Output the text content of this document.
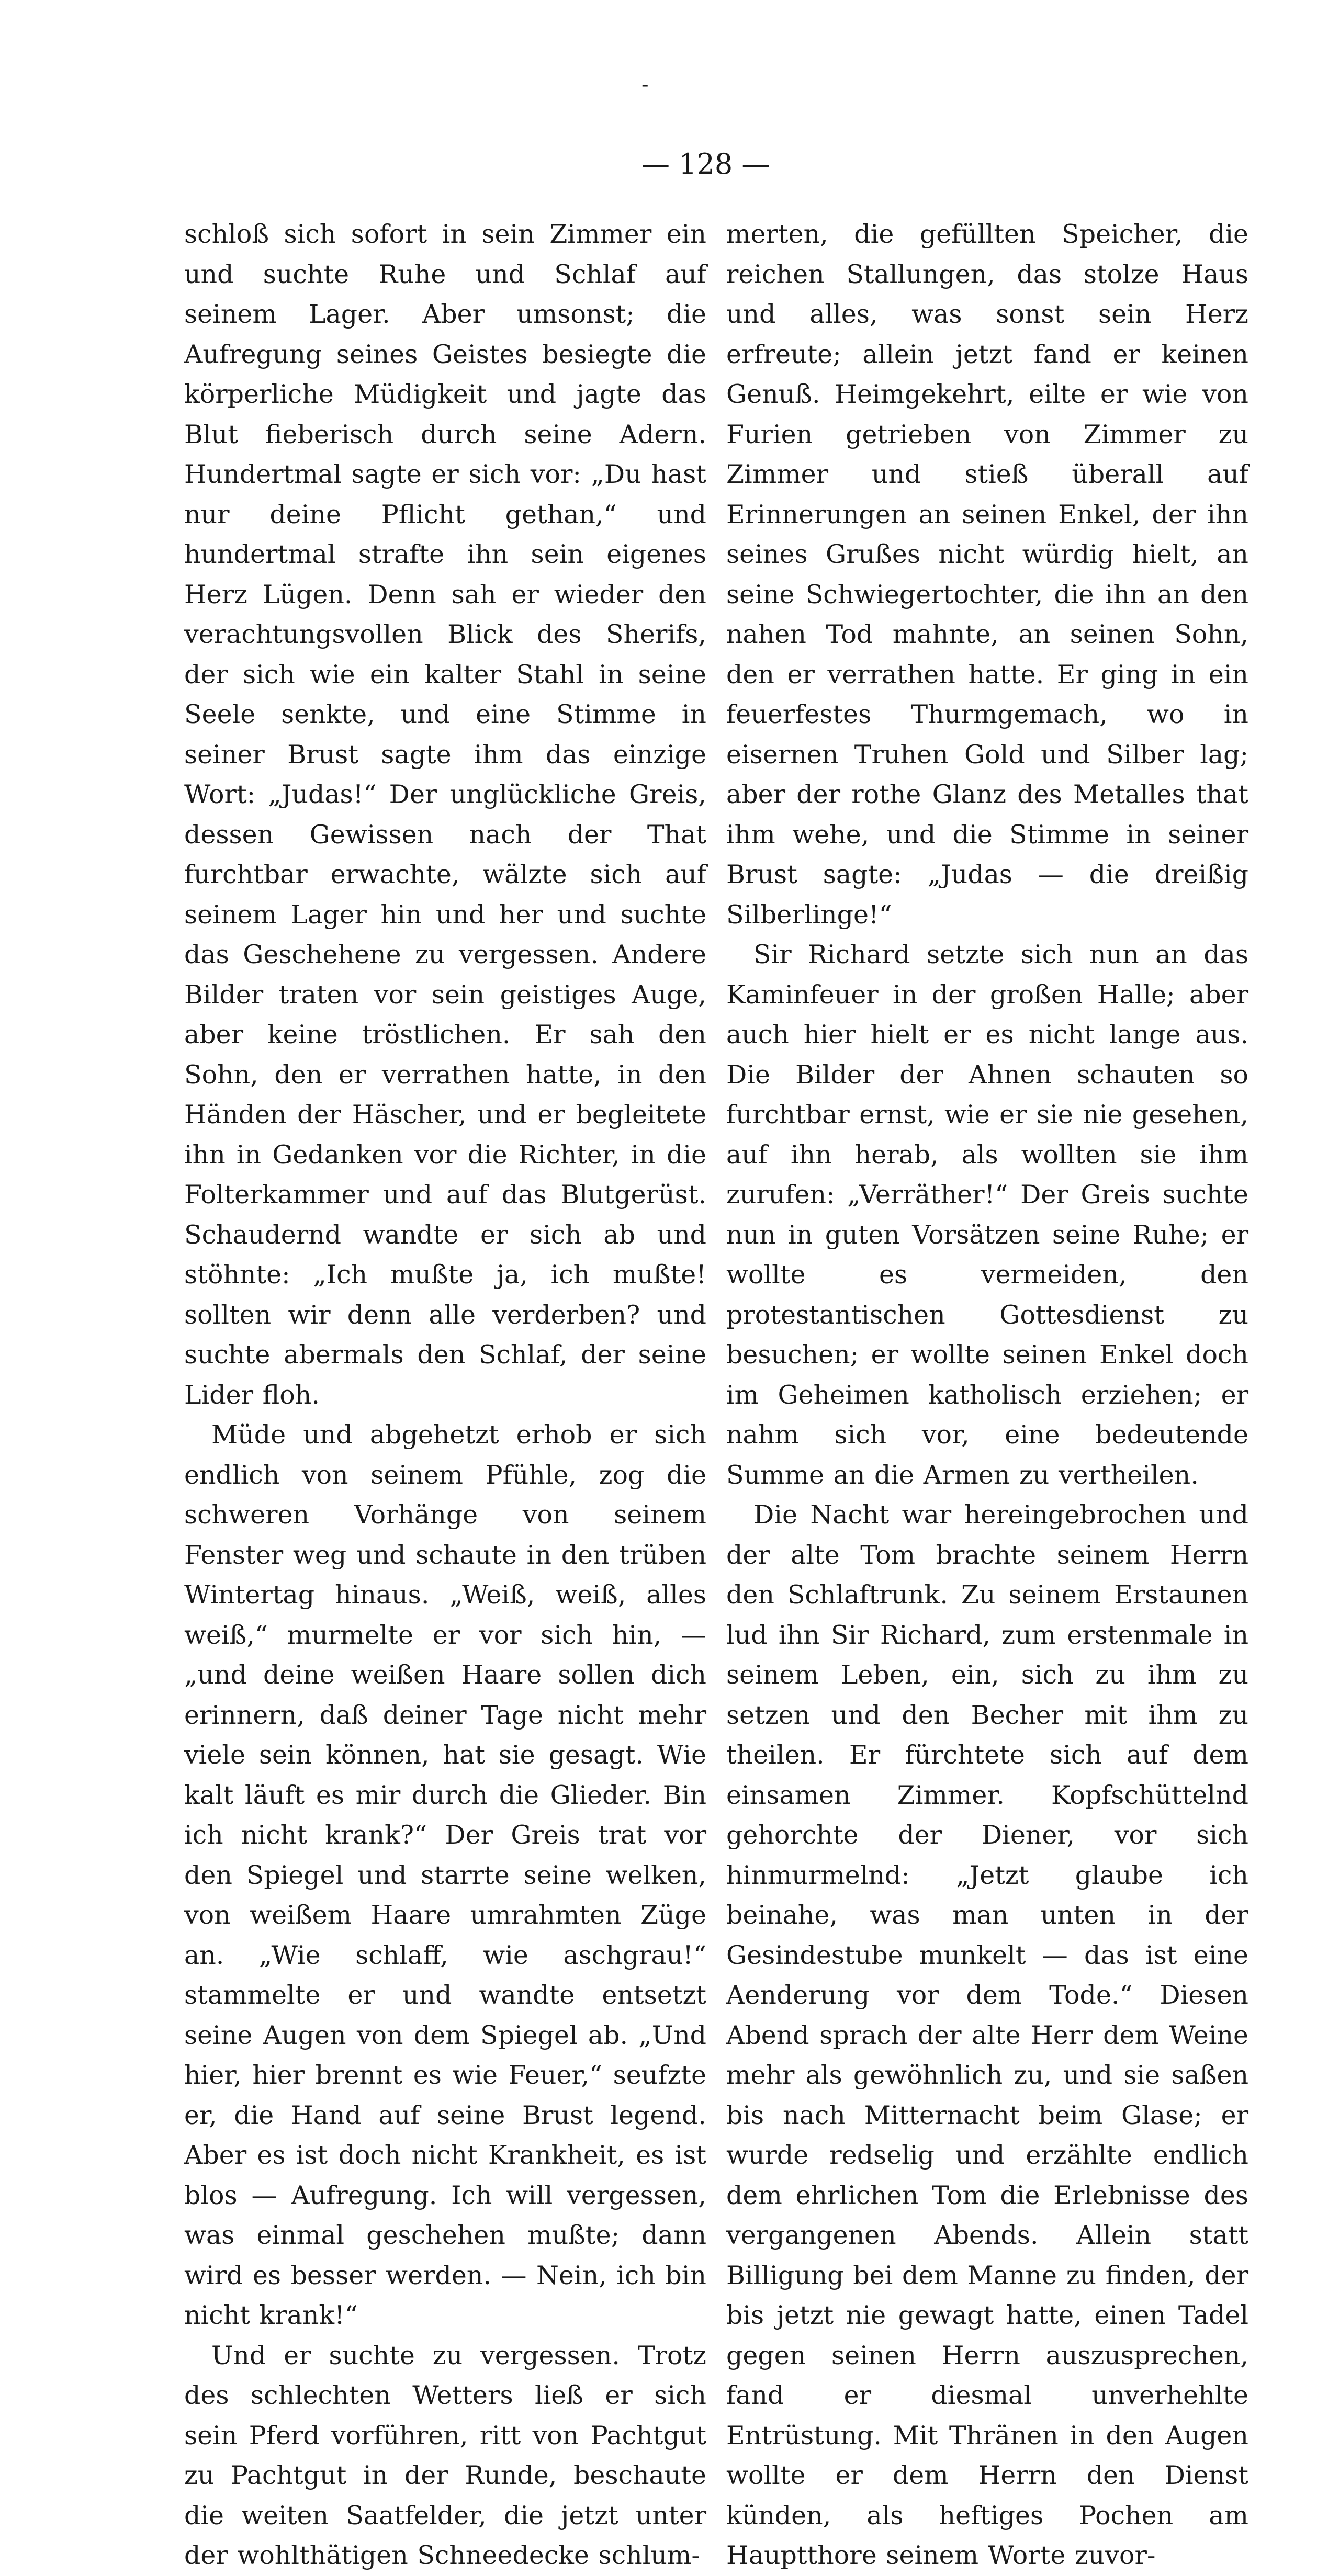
-
— 128 —

schloß sich sofort in sein Zimmer ein und suchte Ruhe und Schlaf auf seinem Lager. Aber umsonst; die Aufregung seines Geistes besiegte die körperliche Müdigkeit und jagte das Blut fieberisch durch seine Adern. Hundertmal sagte er sich vor: „Du hast nur deine Pflicht gethan,“ und hundertmal strafte ihn sein eigenes Herz Lügen. Denn sah er wieder den verachtungsvollen Blick des Sherifs, der sich wie ein kalter Stahl in seine Seele senkte, und eine Stimme in seiner Brust sagte ihm das einzige Wort: „Judas!“ Der unglückliche Greis, dessen Gewissen nach der That furchtbar erwachte, wälzte sich auf seinem Lager hin und her und suchte das Geschehene zu vergessen. Andere Bilder traten vor sein geistiges Auge, aber keine tröstlichen. Er sah den Sohn, den er verrathen hatte, in den Händen der Häscher, und er begleitete ihn in Gedanken vor die Richter, in die Folterkammer und auf das Blutgerüst. Schaudernd wandte er sich ab und stöhnte: „Ich mußte ja, ich mußte! sollten wir denn alle verderben? und suchte abermals den Schlaf, der seine Lider floh.

Müde und abgehetzt erhob er sich endlich von seinem Pfühle, zog die schweren Vorhänge von seinem Fenster weg und schaute in den trüben Wintertag hinaus. „Weiß, weiß, alles weiß,“ murmelte er vor sich hin, — „und deine weißen Haare sollen dich erinnern, daß deiner Tage nicht mehr viele sein können, hat sie gesagt. Wie kalt läuft es mir durch die Glieder. Bin ich nicht krank?“ Der Greis trat vor den Spiegel und starrte seine welken, von weißem Haare umrahmten Züge an. „Wie schlaff, wie aschgrau!“ stammelte er und wandte entsetzt seine Augen von dem Spiegel ab. „Und hier, hier brennt es wie Feuer,“ seufzte er, die Hand auf seine Brust legend. Aber es ist doch nicht Krankheit, es ist blos — Aufregung. Ich will vergessen, was einmal geschehen mußte; dann wird es besser werden. — Nein, ich bin nicht krank!“

Und er suchte zu vergessen. Trotz des schlechten Wetters ließ er sich sein Pferd vorführen, ritt von Pachtgut zu Pachtgut in der Runde, beschaute die weiten Saatfelder, die jetzt unter der wohlthätigen Schneedecke schlum-

merten, die gefüllten Speicher, die reichen Stallungen, das stolze Haus und alles, was sonst sein Herz erfreute; allein jetzt fand er keinen Genuß. Heimgekehrt, eilte er wie von Furien getrieben von Zimmer zu Zimmer und stieß überall auf Erinnerungen an seinen Enkel, der ihn seines Grußes nicht würdig hielt, an seine Schwiegertochter, die ihn an den nahen Tod mahnte, an seinen Sohn, den er verrathen hatte. Er ging in ein feuerfestes Thurmgemach, wo in eisernen Truhen Gold und Silber lag; aber der rothe Glanz des Metalles that ihm wehe, und die Stimme in seiner Brust sagte: „Judas — die dreißig Silberlinge!“

Sir Richard setzte sich nun an das Kaminfeuer in der großen Halle; aber auch hier hielt er es nicht lange aus. Die Bilder der Ahnen schauten so furchtbar ernst, wie er sie nie gesehen, auf ihn herab, als wollten sie ihm zurufen: „Verräther!“ Der Greis suchte nun in guten Vorsätzen seine Ruhe; er wollte es vermeiden, den protestantischen Gottesdienst zu besuchen; er wollte seinen Enkel doch im Geheimen katholisch erziehen; er nahm sich vor, eine bedeutende Summe an die Armen zu vertheilen.

Die Nacht war hereingebrochen und der alte Tom brachte seinem Herrn den Schlaftrunk. Zu seinem Erstaunen lud ihn Sir Richard, zum erstenmale in seinem Leben, ein, sich zu ihm zu setzen und den Becher mit ihm zu theilen. Er fürchtete sich auf dem einsamen Zimmer. Kopfschüttelnd gehorchte der Diener, vor sich hinmurmelnd: „Jetzt glaube ich beinahe, was man unten in der Gesindestube munkelt — das ist eine Aenderung vor dem Tode.“ Diesen Abend sprach der alte Herr dem Weine mehr als gewöhnlich zu, und sie saßen bis nach Mitternacht beim Glase; er wurde redselig und erzählte endlich dem ehrlichen Tom die Erlebnisse des vergangenen Abends. Allein statt Billigung bei dem Manne zu finden, der bis jetzt nie gewagt hatte, einen Tadel gegen seinen Herrn auszusprechen, fand er diesmal unverhehlte Entrüstung. Mit Thränen in den Augen wollte er dem Herrn den Dienst künden, als heftiges Pochen am Hauptthore seinem Worte zuvor-
